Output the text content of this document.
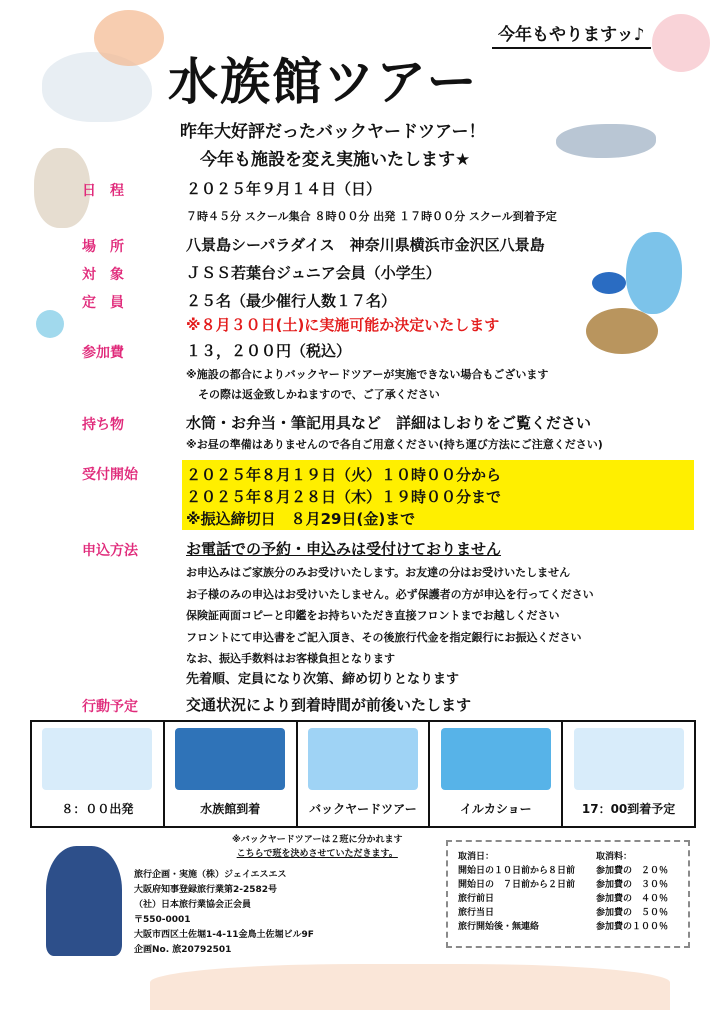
今年もやりますッ♪
水族館ツアー
昨年大好評だったバックヤードツアー！
今年も施設を変え実施いたします★
日　程	２０２５年９月１４日（日）
７時４５分 スクール集合 ８時００分 出発 １７時００分 スクール到着予定
場　所	八景島シーパラダイス　神奈川県横浜市金沢区八景島
対　象	ＪＳＳ若葉台ジュニア会員（小学生）
定　員	２５名（最少催行人数１７名）
※８月３０日(土)に実施可能か決定いたします
参加費	１３，２００円（税込）
※施設の都合によりバックヤードツアーが実施できない場合もございます
その際は返金致しかねますので、ご了承ください
持ち物	水筒・お弁当・筆記用具など　詳細はしおりをご覧ください
※お昼の準備はありませんので各自ご用意ください(持ち運び方法にご注意ください)
受付開始	２０２５年８月１９日（火）１０時００分から
２０２５年８月２８日（木）１９時００分まで
※振込締切日　８月29日(金)まで
申込方法	お電話での予約・申込みは受付けておりません
お申込みはご家族分のみお受けいたします。お友達の分はお受けいたしません
お子様のみの申込はお受けいたしません。必ず保護者の方が申込を行ってください
保険証両面コピーと印鑑をお持ちいただき直接フロントまでお越しください
フロントにて申込書をご記入頂き、その後旅行代金を指定銀行にお振込ください
なお、振込手数料はお客様負担となります
先着順、定員になり次第、締め切りとなります
行動予定	交通状況により到着時間が前後いたします
８：００出発	水族館到着	バックヤードツアー	イルカショー	17：00到着予定
※バックヤードツアーは２班に分かれます
こちらで班を決めさせていただきます。
旅行企画・実施（株）ジェイエスエス
大阪府知事登録旅行業第2-2582号
（社）日本旅行業協会正会員
〒550-0001
大阪市西区土佐堀1-4-11金鳥土佐堀ビル9F
企画No. 旅20792501
取消日：	取消料：
開始日の１０日前から８日前	参加費の　２０％
開始日の　７日前から２日前	参加費の　３０％
旅行前日	参加費の　４０％
旅行当日	参加費の　５０％
旅行開始後・無連絡	参加費の１００％
